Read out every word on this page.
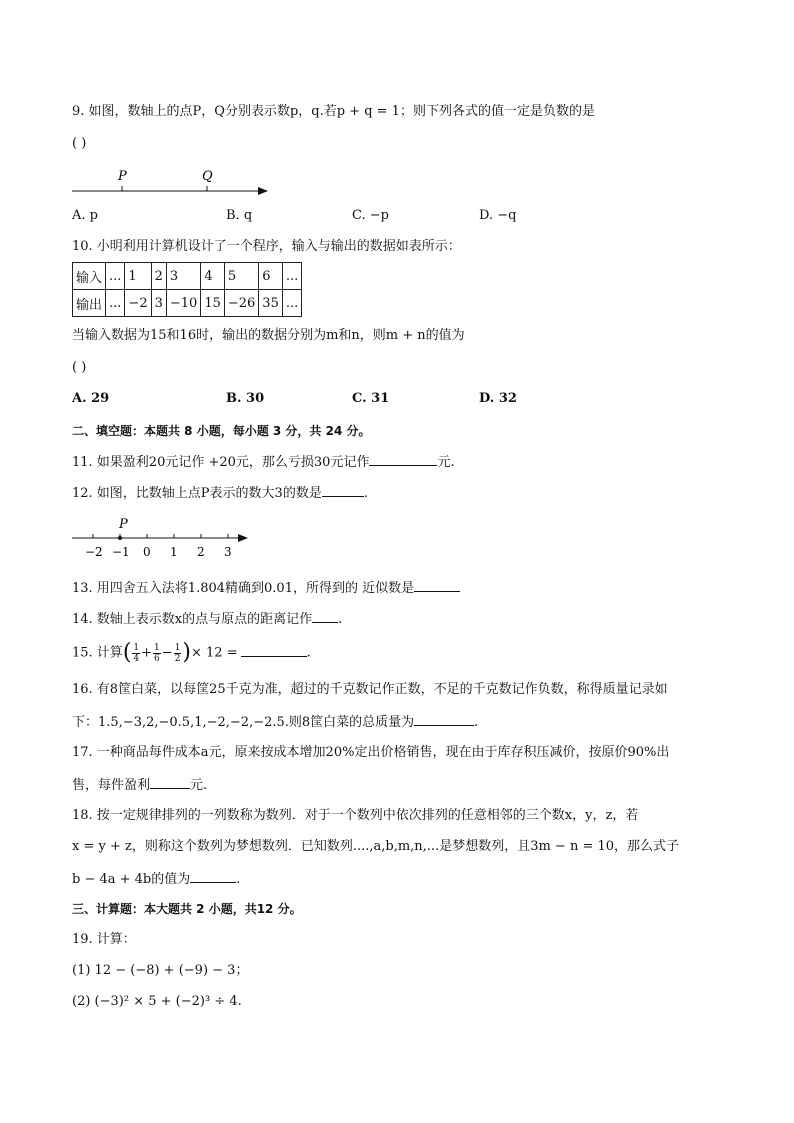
9. 如图，数轴上的点P，Q分别表示数p，q.若p + q = 1；则下列各式的值一定是负数的是
( )
P	Q
A. p	B. q	C. −p	D. −q
10. 小明利用计算机设计了一个程序，输入与输出的数据如表所示：
输入	...	1	2	3	4	5	6	...
输出	...	−2	3	−10	15	−26	35	...
当输入数据为15和16时，输出的数据分别为m和n，则m + n的值为
( )
A. 29	B. 30	C. 31	D. 32
二、填空题：本题共 8 小题，每小题 3 分，共 24 分。
11. 如果盈利20元记作 +20元，那么亏损30元记作	元.
12. 如图，比数轴上点P表示的数大3的数是	.
P
−2 −1 0 1 2 3
13. 用四舍五入法将1.804精确到0.01，所得到的 近似数是
14. 数轴上表示数x的点与原点的距离记作 .
15. 计算( $\frac{1}{4} + \frac{1}{6} - \frac{1}{2}$ )× 12 =	.
16. 有8筐白菜，以每筐25千克为准，超过的千克数记作正数，不足的千克数记作负数，称得质量记录如
下：1.5,−3,2,−0.5,1,−2,−2,−2.5.则8筐白菜的总质量为	.
17. 一种商品每件成本a元，原来按成本增加20%定出价格销售，现在由于库存积压减价，按原价90%出
售，每件盈利	元.
18. 按一定规律排列的一列数称为数列．对于一个数列中依次排列的任意相邻的三个数x，y，z，若
x = y + z，则称这个数列为梦想数列．已知数列....,a,b,m,n,...是梦想数列，且3m − n = 10，那么式子
b − 4a + 4b的值为	.
三、计算题：本大题共 2 小题，共12 分。
19. 计算：
(1) 12 − (−8) + (−9) − 3；
(2) (−3)² × 5 + (−2)³ ÷ 4.
